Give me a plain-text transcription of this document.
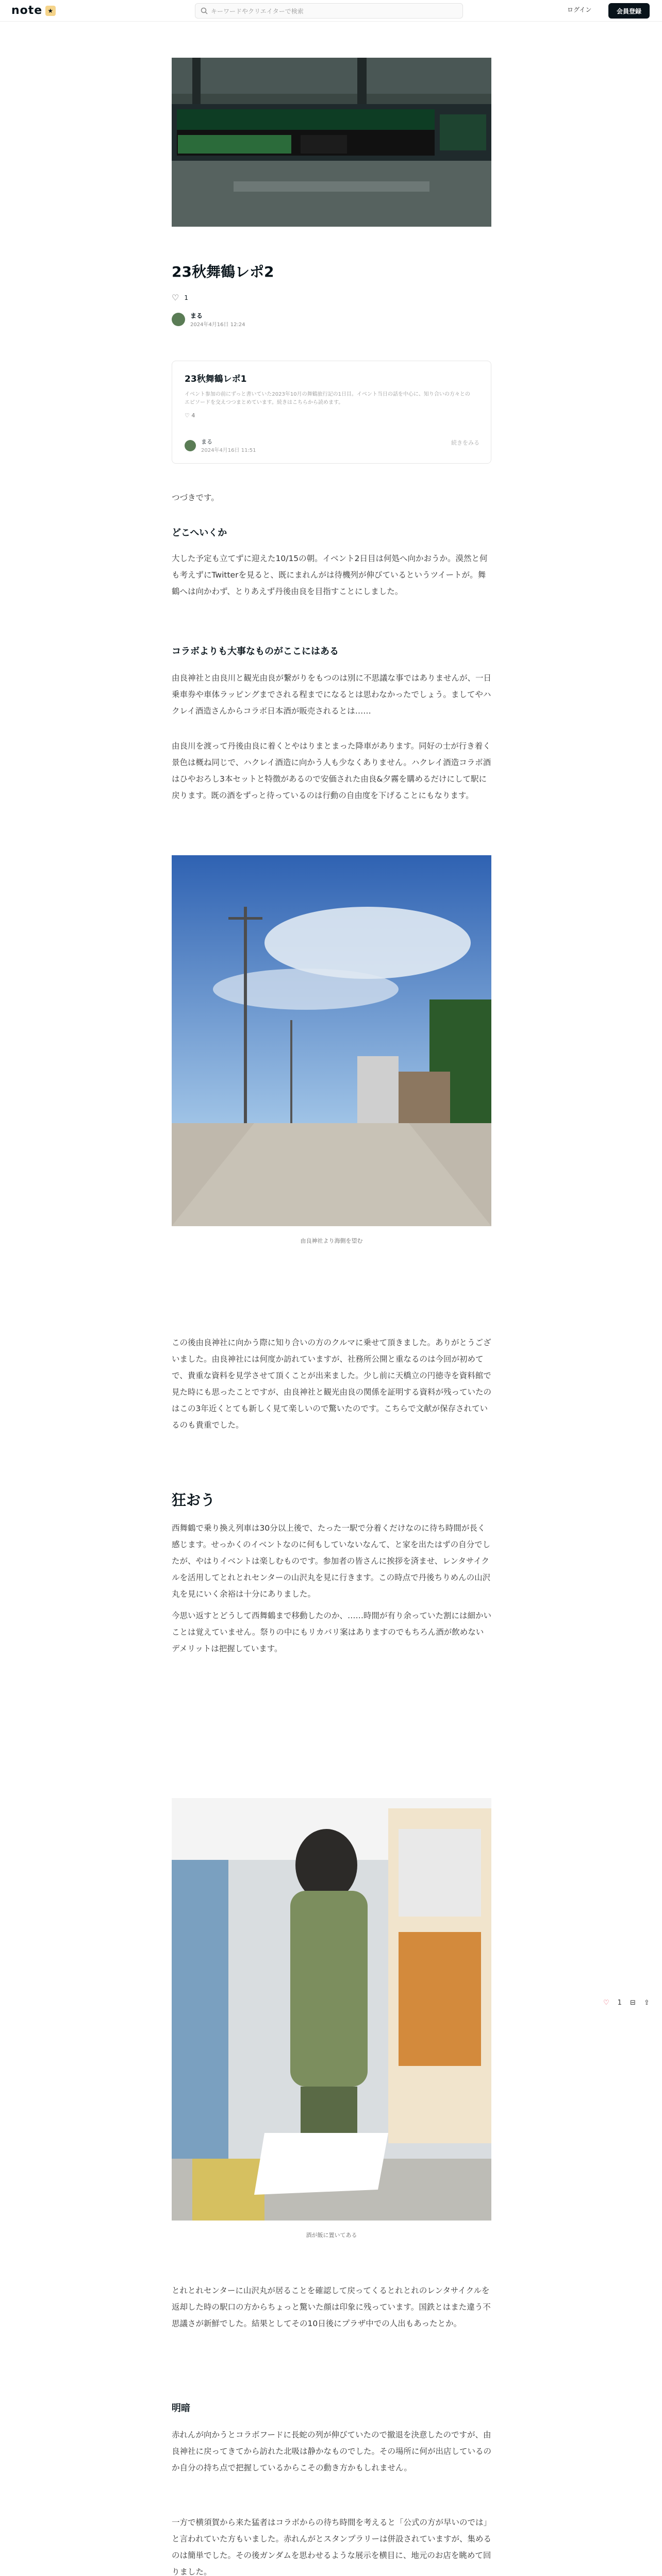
note ★	キーワードやクリエイターで検索	ログイン	会員登録
23秋舞鶴レポ2
♡ 1
まる
2024年4月16日 12:24
23秋舞鶴レポ1
イベント参加の前にずっと書いていた2023年10月の舞鶴旅行記の1日目。イベント当日の話を中心に、知り合いの方々とのエピソードを交えつつまとめています。続きはこちらから読めます。
♡ 4
まる
2024年4月16日 11:51
続きをみる
つづきです。
どこへいくか
大した予定も立てずに迎えた10/15の朝。イベント2日目は何処へ向かおうか。漠然と何も考えずにTwitterを見ると、既にまれんがは待機列が伸びているというツイートが。舞鶴へは向かわず、とりあえず丹後由良を目指すことにしました。
コラボよりも大事なものがここにはある
由良神社と由良川と観光由良が繋がりをもつのは別に不思議な事ではありませんが、一日乗車券や車体ラッピングまでされる程までになるとは思わなかったでしょう。ましてやハクレイ酒造さんからコラボ日本酒が販売されるとは……
由良川を渡って丹後由良に着くとやはりまとまった降車があります。同好の士が行き着く景色は概ね同じで、ハクレイ酒造に向かう人も少なくありません。ハクレイ酒造コラボ酒はひやおろし3本セットと特徴があるので安価された由良&夕霧を購めるだけにして駅に戻ります。既の酒をずっと待っているのは行動の自由度を下げることにもなります。
由良神社より海側を望む
この後由良神社に向かう際に知り合いの方のクルマに乗せて頂きました。ありがとうございました。由良神社には何度か訪れていますが、社務所公開と重なるのは今回が初めてで、貴重な資料を見学させて頂くことが出来ました。少し前に天橋立の円徳寺を資料館で見た時にも思ったことですが、由良神社と観光由良の関係を証明する資料が残っていたのはこの3年近くとても新しく見て楽しいので驚いたのです。こちらで文献が保存されているのも貴重でした。
狂おう
西舞鶴で乗り換え列車は30分以上後で、たった一駅で分着くだけなのに待ち時間が長く感じます。せっかくのイベントなのに何もしていないなんて、と家を出たはずの自分でしたが、やはりイベントは楽しむものです。参加者の皆さんに挨拶を済ませ、レンタサイクルを活用してとれとれセンターの山沢丸を見に行きます。この時点で丹後ちりめんの山沢丸を見にいく余裕は十分にありました。
今思い返すとどうして西舞鶴まで移動したのか、……時間が有り余っていた割には細かいことは覚えていません。祭りの中にもリカバリ案はありますのでもちろん酒が飲めないデメリットは把握しています。
酒が飯に置いてある
とれとれセンターに山沢丸が居ることを確認して戻ってくるとれとれのレンタサイクルを返却した時の駅口の方からちょっと驚いた顔は印象に残っています。国鉄とはまた違う不思議さが新鮮でした。結果としてその10日後にプラザ中での人出もあったとか。
明暗
赤れんが向かうとコラボフードに長蛇の列が伸びていたので撤退を決意したのですが、由良神社に戻ってきてから訪れた北吸は静かなものでした。その場所に何が出店しているのか自分の持ち点で把握しているからこその動き方かもしれません。
一方で横須賀から来た猛者はコラボからの待ち時間を考えると「公式の方が早いのでは」と言われていた方もいました。赤れんがとスタンプラリーは併設されていますが、集めるのは簡単でした。その後ガンダムを思わせるような展示を横目に、地元のお店を眺めて回りました。
♡ 1 ⊟ ⇪
